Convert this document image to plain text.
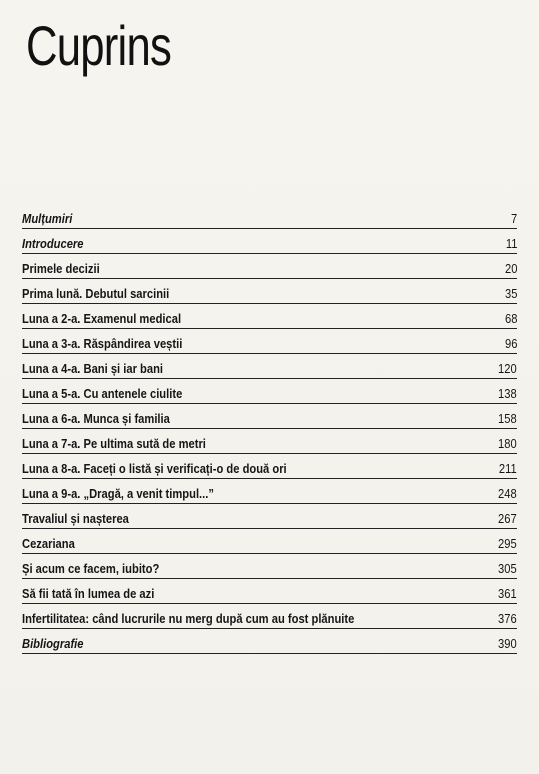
Cuprins
Mulțumiri	7
Introducere	11
Primele decizii	20
Prima lună. Debutul sarcinii	35
Luna a 2-a. Examenul medical	68
Luna a 3-a. Răspândirea veștii	96
Luna a 4-a. Bani și iar bani	120
Luna a 5-a. Cu antenele ciulite	138
Luna a 6-a. Munca și familia	158
Luna a 7-a. Pe ultima sută de metri	180
Luna a 8-a. Faceți o listă și verificați-o de două ori	211
Luna a 9-a. „Dragă, a venit timpul...”	248
Travaliul și nașterea	267
Cezariana	295
Și acum ce facem, iubito?	305
Să fii tată în lumea de azi	361
Infertilitatea: când lucrurile nu merg după cum au fost plănuite	376
Bibliografie	390
